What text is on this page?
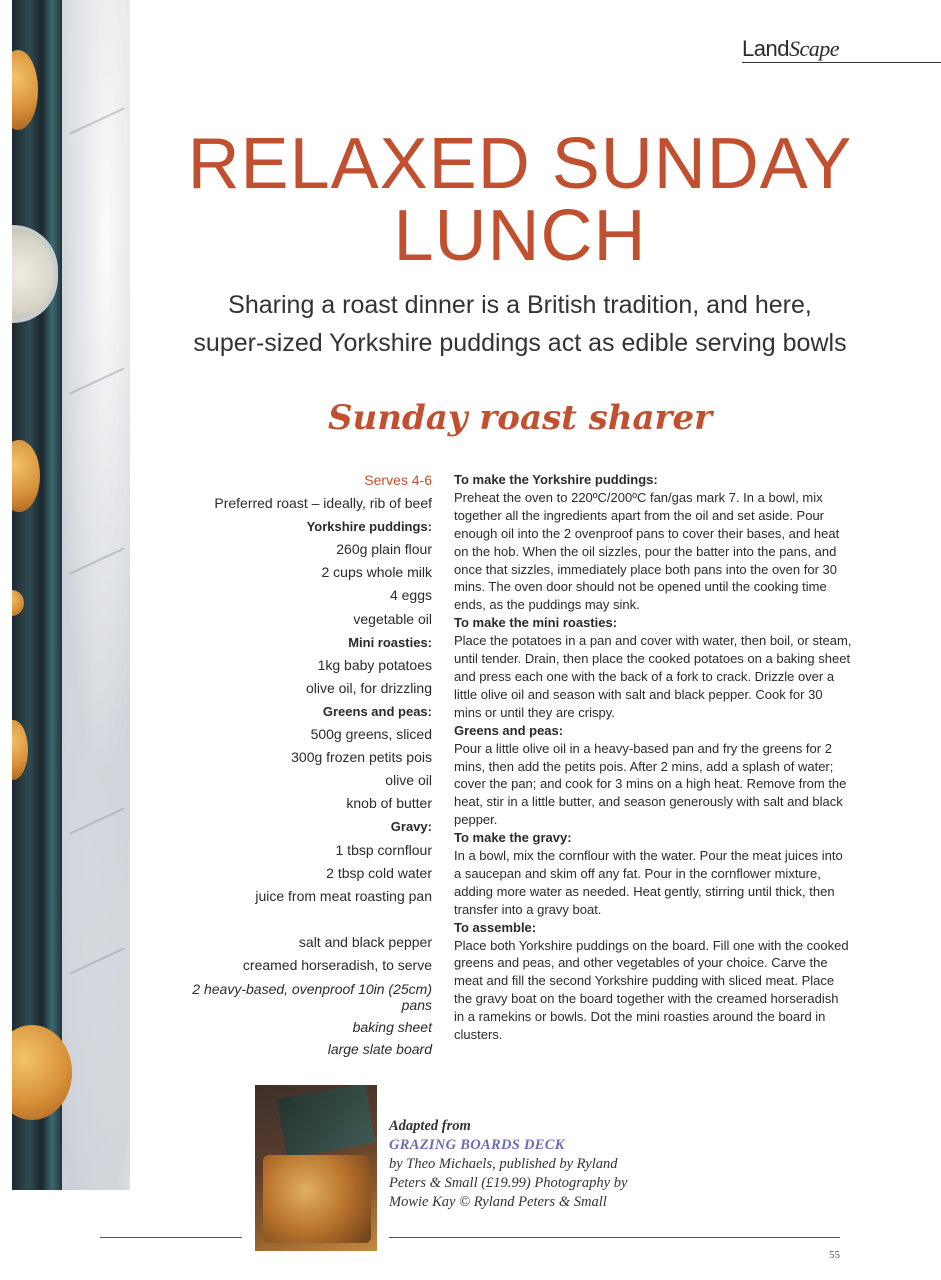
LandScape
RELAXED SUNDAY LUNCH
Sharing a roast dinner is a British tradition, and here,
super-sized Yorkshire puddings act as edible serving bowls
Sunday roast sharer
Serves 4-6
Preferred roast – ideally, rib of beef
Yorkshire puddings:
260g plain flour
2 cups whole milk
4 eggs
vegetable oil
Mini roasties:
1kg baby potatoes
olive oil, for drizzling
Greens and peas:
500g greens, sliced
300g frozen petits pois
olive oil
knob of butter
Gravy:
1 tbsp cornflour
2 tbsp cold water
juice from meat roasting pan
salt and black pepper
creamed horseradish, to serve
2 heavy-based, ovenproof 10in (25cm) pans
baking sheet
large slate board

To make the Yorkshire puddings:

Preheat the oven to 220ºC/200ºC fan/gas mark 7. In a bowl, mix together all the ingredients apart from the oil and set aside. Pour enough oil into the 2 ovenproof pans to cover their bases, and heat on the hob. When the oil sizzles, pour the batter into the pans, and once that sizzles, immediately place both pans into the oven for 30 mins. The oven door should not be opened until the cooking time ends, as the puddings may sink.

To make the mini roasties:

Place the potatoes in a pan and cover with water, then boil, or steam, until tender. Drain, then place the cooked potatoes on a baking sheet and press each one with the back of a fork to crack. Drizzle over a little olive oil and season with salt and black pepper. Cook for 30 mins or until they are crispy.

Greens and peas:

Pour a little olive oil in a heavy-based pan and fry the greens for 2 mins, then add the petits pois. After 2 mins, add a splash of water; cover the pan; and cook for 3 mins on a high heat. Remove from the heat, stir in a little butter, and season generously with salt and black pepper.

To make the gravy:

In a bowl, mix the cornflour with the water. Pour the meat juices into a saucepan and skim off any fat. Pour in the cornflower mixture, adding more water as needed. Heat gently, stirring until thick, then transfer into a gravy boat.

To assemble:

Place both Yorkshire puddings on the board. Fill one with the cooked greens and peas, and other vegetables of your choice. Carve the meat and fill the second Yorkshire pudding with sliced meat. Place the gravy boat on the board together with the creamed horseradish in a ramekins or bowls. Dot the mini roasties around the board in clusters.

Adapted from
GRAZING BOARDS DECK
by Theo Michaels, published by Ryland Peters & Small (£19.99) Photography by Mowie Kay © Ryland Peters & Small
55
